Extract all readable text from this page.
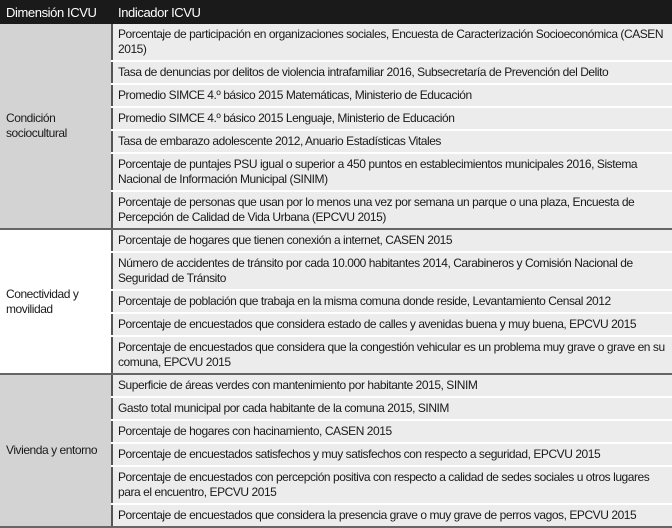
Dimensión ICVU	Indicador ICVU
Condición sociocultural	Porcentaje de participación en organizaciones sociales, Encuesta de Caracterización Socioeconómica (CASEN 2015)
	Tasa de denuncias por delitos de violencia intrafamiliar 2016, Subsecretaría de Prevención del Delito
	Promedio SIMCE 4.º básico 2015 Matemáticas, Ministerio de Educación
	Promedio SIMCE 4.º básico 2015 Lenguaje, Ministerio de Educación
	Tasa de embarazo adolescente 2012, Anuario Estadísticas Vitales
	Porcentaje de puntajes PSU igual o superior a 450 puntos en establecimientos municipales 2016, Sistema Nacional de Información Municipal (SINIM)
	Porcentaje de personas que usan por lo menos una vez por semana un parque o una plaza, Encuesta de Percepción de Calidad de Vida Urbana (EPCVU 2015)
Conectividad y movilidad	Porcentaje de hogares que tienen conexión a internet, CASEN 2015
	Número de accidentes de tránsito por cada 10.000 habitantes 2014, Carabineros y Comisión Nacional de Seguridad de Tránsito
	Porcentaje de población que trabaja en la misma comuna donde reside, Levantamiento Censal 2012
	Porcentaje de encuestados que considera estado de calles y avenidas buena y muy buena, EPCVU 2015
	Porcentaje de encuestados que considera que la congestión vehicular es un problema muy grave o grave en su comuna, EPCVU 2015
Vivienda y entorno	Superficie de áreas verdes con mantenimiento por habitante 2015, SINIM
	Gasto total municipal por cada habitante de la comuna 2015, SINIM
	Porcentaje de hogares con hacinamiento, CASEN 2015
	Porcentaje de encuestados satisfechos y muy satisfechos con respecto a seguridad, EPCVU 2015
	Porcentaje de encuestados con percepción positiva con respecto a calidad de sedes sociales u otros lugares para el encuentro, EPCVU 2015
	Porcentaje de encuestados que considera la presencia grave o muy grave de perros vagos, EPCVU 2015
